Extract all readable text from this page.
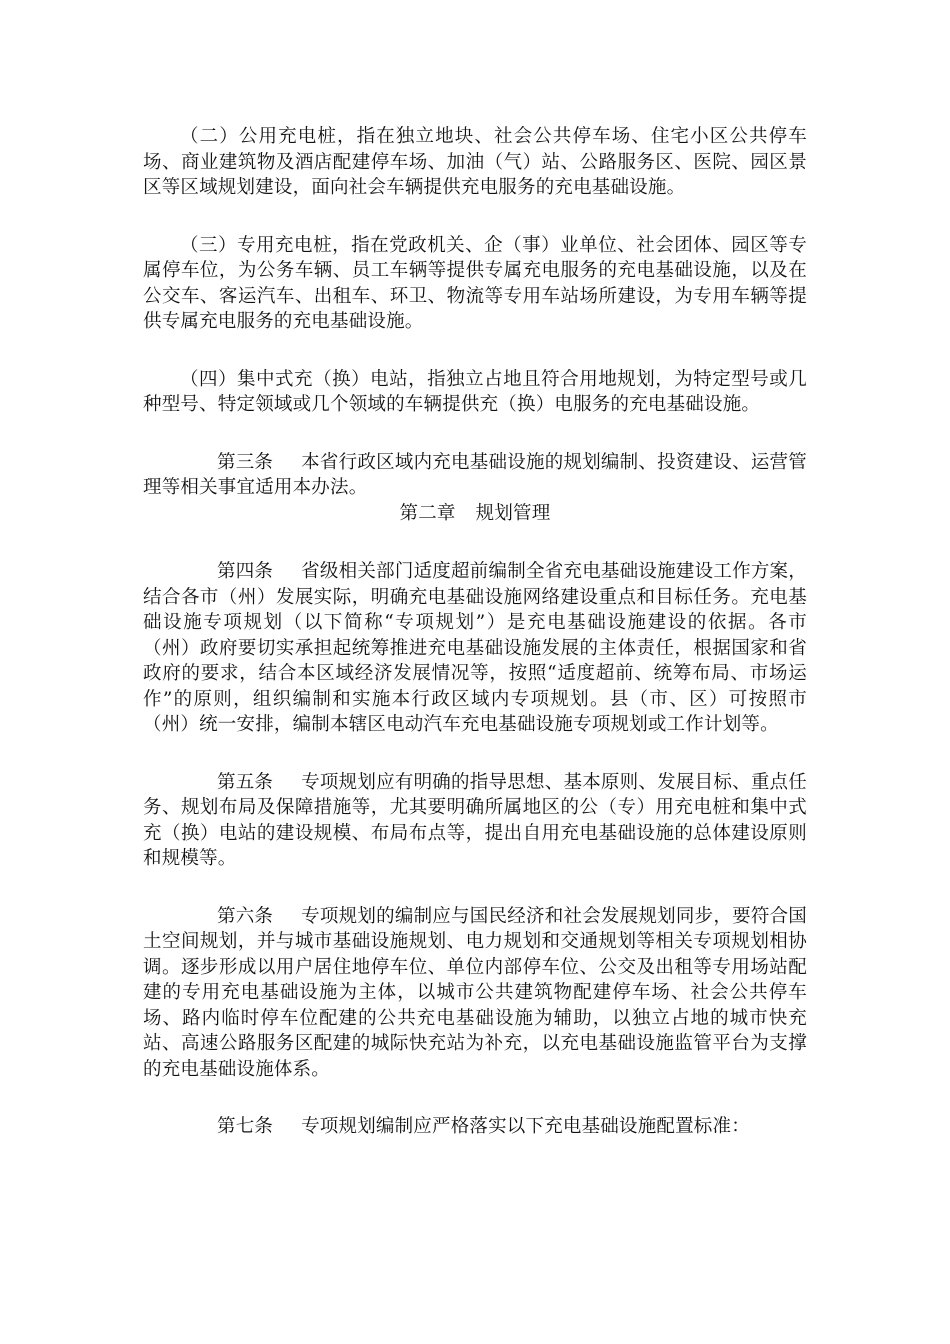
（二）公用充电桩，指在独立地块、社会公共停车场、住宅小区公共停车场、商业建筑物及酒店配建停车场、加油（气）站、公路服务区、医院、园区景区等区域规划建设，面向社会车辆提供充电服务的充电基础设施。

（三）专用充电桩，指在党政机关、企（事）业单位、社会团体、园区等专属停车位，为公务车辆、员工车辆等提供专属充电服务的充电基础设施，以及在公交车、客运汽车、出租车、环卫、物流等专用车站场所建设，为专用车辆等提供专属充电服务的充电基础设施。

（四）集中式充（换）电站，指独立占地且符合用地规划，为特定型号或几种型号、特定领域或几个领域的车辆提供充（换）电服务的充电基础设施。

第三条 本省行政区域内充电基础设施的规划编制、投资建设、运营管理等相关事宜适用本办法。

第二章 规划管理

第四条 省级相关部门适度超前编制全省充电基础设施建设工作方案，结合各市（州）发展实际，明确充电基础设施网络建设重点和目标任务。充电基础设施专项规划（以下简称“专项规划”）是充电基础设施建设的依据。各市（州）政府要切实承担起统筹推进充电基础设施发展的主体责任，根据国家和省政府的要求，结合本区域经济发展情况等，按照“适度超前、统筹布局、市场运作”的原则，组织编制和实施本行政区域内专项规划。县（市、区）可按照市（州）统一安排，编制本辖区电动汽车充电基础设施专项规划或工作计划等。

第五条 专项规划应有明确的指导思想、基本原则、发展目标、重点任务、规划布局及保障措施等，尤其要明确所属地区的公（专）用充电桩和集中式充（换）电站的建设规模、布局布点等，提出自用充电基础设施的总体建设原则和规模等。

第六条 专项规划的编制应与国民经济和社会发展规划同步，要符合国土空间规划，并与城市基础设施规划、电力规划和交通规划等相关专项规划相协调。逐步形成以用户居住地停车位、单位内部停车位、公交及出租等专用场站配建的专用充电基础设施为主体，以城市公共建筑物配建停车场、社会公共停车场、路内临时停车位配建的公共充电基础设施为辅助，以独立占地的城市快充站、高速公路服务区配建的城际快充站为补充，以充电基础设施监管平台为支撑的充电基础设施体系。

第七条 专项规划编制应严格落实以下充电基础设施配置标准：
